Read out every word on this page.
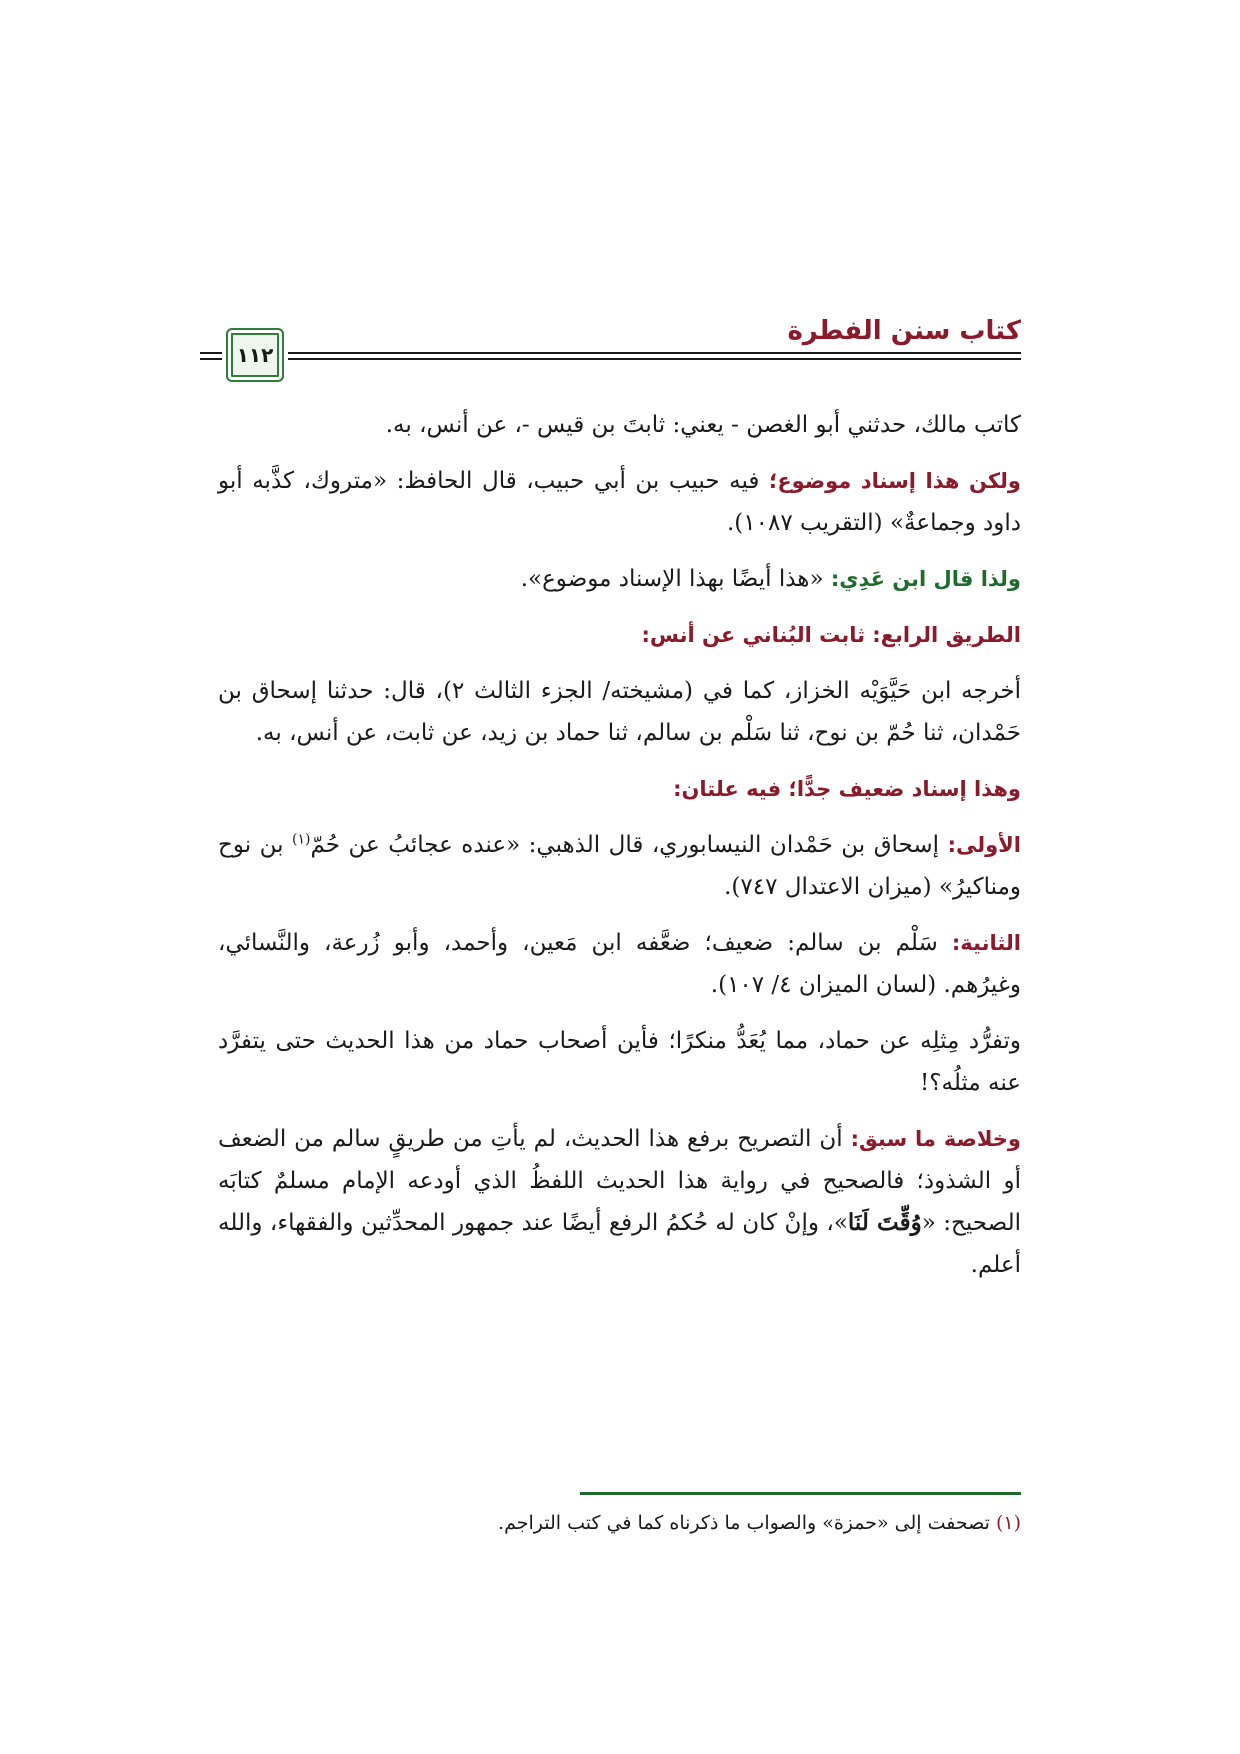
كتاب سنن الفطرة
١١٢

كاتب مالك، حدثني أبو الغصن - يعني: ثابتَ بن قيس -، عن أنس، به.

ولكن هذا إسناد موضوع؛ فيه حبيب بن أبي حبيب، قال الحافظ: «متروك، كذَّبه أبو داود وجماعةٌ» (التقريب ١٠٨٧).

ولذا قال ابن عَدِي: «هذا أيضًا بهذا الإسناد موضوع».

الطريق الرابع: ثابت البُناني عن أنس:

أخرجه ابن حَيَّوَيْه الخزاز، كما في (مشيخته/ الجزء الثالث ٢)، قال: حدثنا إسحاق بن حَمْدان، ثنا حُمّ بن نوح، ثنا سَلْم بن سالم، ثنا حماد بن زيد، عن ثابت، عن أنس، به.

وهذا إسناد ضعيف جدًّا؛ فيه علتان:

الأولى: إسحاق بن حَمْدان النيسابوري، قال الذهبي: «عنده عجائبُ عن حُمّ$^{(١)}$ بن نوح ومناكيرُ» (ميزان الاعتدال ٧٤٧).

الثانية: سَلْم بن سالم: ضعيف؛ ضعَّفه ابن مَعين، وأحمد، وأبو زُرعة، والنَّسائي، وغيرُهم. (لسان الميزان ٤/ ١٠٧).

وتفرُّد مِثلِه عن حماد، مما يُعَدُّ منكرًا؛ فأين أصحاب حماد من هذا الحديث حتى يتفرَّد عنه مثلُه؟!

وخلاصة ما سبق: أن التصريح برفع هذا الحديث، لم يأتِ من طريقٍ سالم من الضعف أو الشذوذ؛ فالصحيح في رواية هذا الحديث اللفظُ الذي أودعه الإمام مسلمٌ كتابَه الصحيح: «وُقِّتَ لَنَا»، وإنْ كان له حُكمُ الرفع أيضًا عند جمهور المحدِّثين والفقهاء، والله أعلم.

(١) تصحفت إلى «حمزة» والصواب ما ذكرناه كما في كتب التراجم.
